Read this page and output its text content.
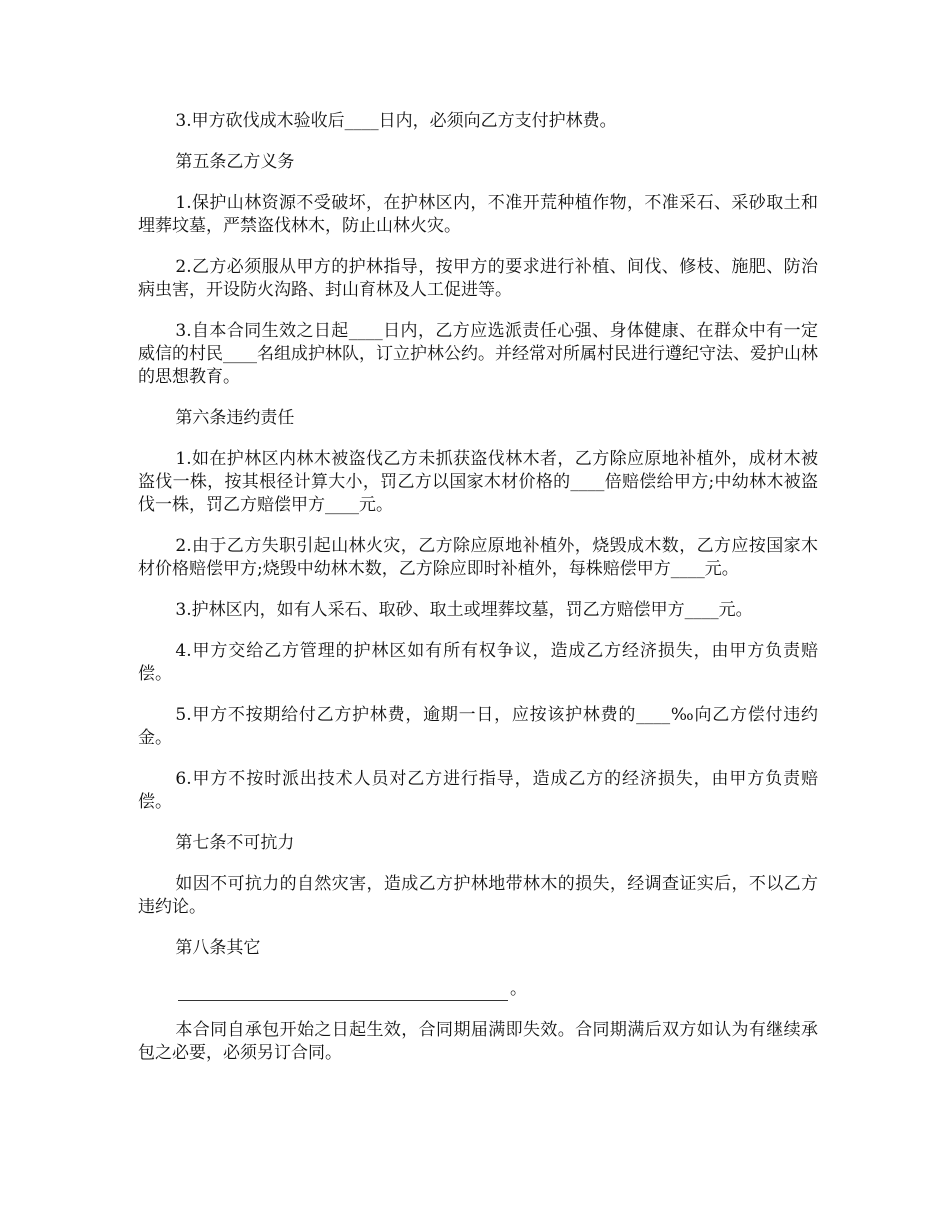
3.甲方砍伐成木验收后____日内，必须向乙方支付护林费。

第五条乙方义务

1.保护山林资源不受破坏，在护林区内，不准开荒种植作物，不准采石、采砂取土和埋葬坟墓，严禁盗伐林木，防止山林火灾。

2.乙方必须服从甲方的护林指导，按甲方的要求进行补植、间伐、修枝、施肥、防治病虫害，开设防火沟路、封山育林及人工促进等。

3.自本合同生效之日起____日内，乙方应选派责任心强、身体健康、在群众中有一定威信的村民____名组成护林队，订立护林公约。并经常对所属村民进行遵纪守法、爱护山林的思想教育。

第六条违约责任

1.如在护林区内林木被盗伐乙方未抓获盗伐林木者，乙方除应原地补植外，成材木被盗伐一株，按其根径计算大小，罚乙方以国家木材价格的____倍赔偿给甲方;中幼林木被盗伐一株，罚乙方赔偿甲方____元。

2.由于乙方失职引起山林火灾，乙方除应原地补植外，烧毁成木数，乙方应按国家木材价格赔偿甲方;烧毁中幼林木数，乙方除应即时补植外，每株赔偿甲方____元。

3.护林区内，如有人采石、取砂、取土或埋葬坟墓，罚乙方赔偿甲方____元。

4.甲方交给乙方管理的护林区如有所有权争议，造成乙方经济损失，由甲方负责赔偿。

5.甲方不按期给付乙方护林费，逾期一日，应按该护林费的____‰向乙方偿付违约金。

6.甲方不按时派出技术人员对乙方进行指导，造成乙方的经济损失，由甲方负责赔偿。

第七条不可抗力

如因不可抗力的自然灾害，造成乙方护林地带林木的损失，经调查证实后，不以乙方违约论。

第八条其它

。

本合同自承包开始之日起生效，合同期届满即失效。合同期满后双方如认为有继续承包之必要，必须另订合同。
